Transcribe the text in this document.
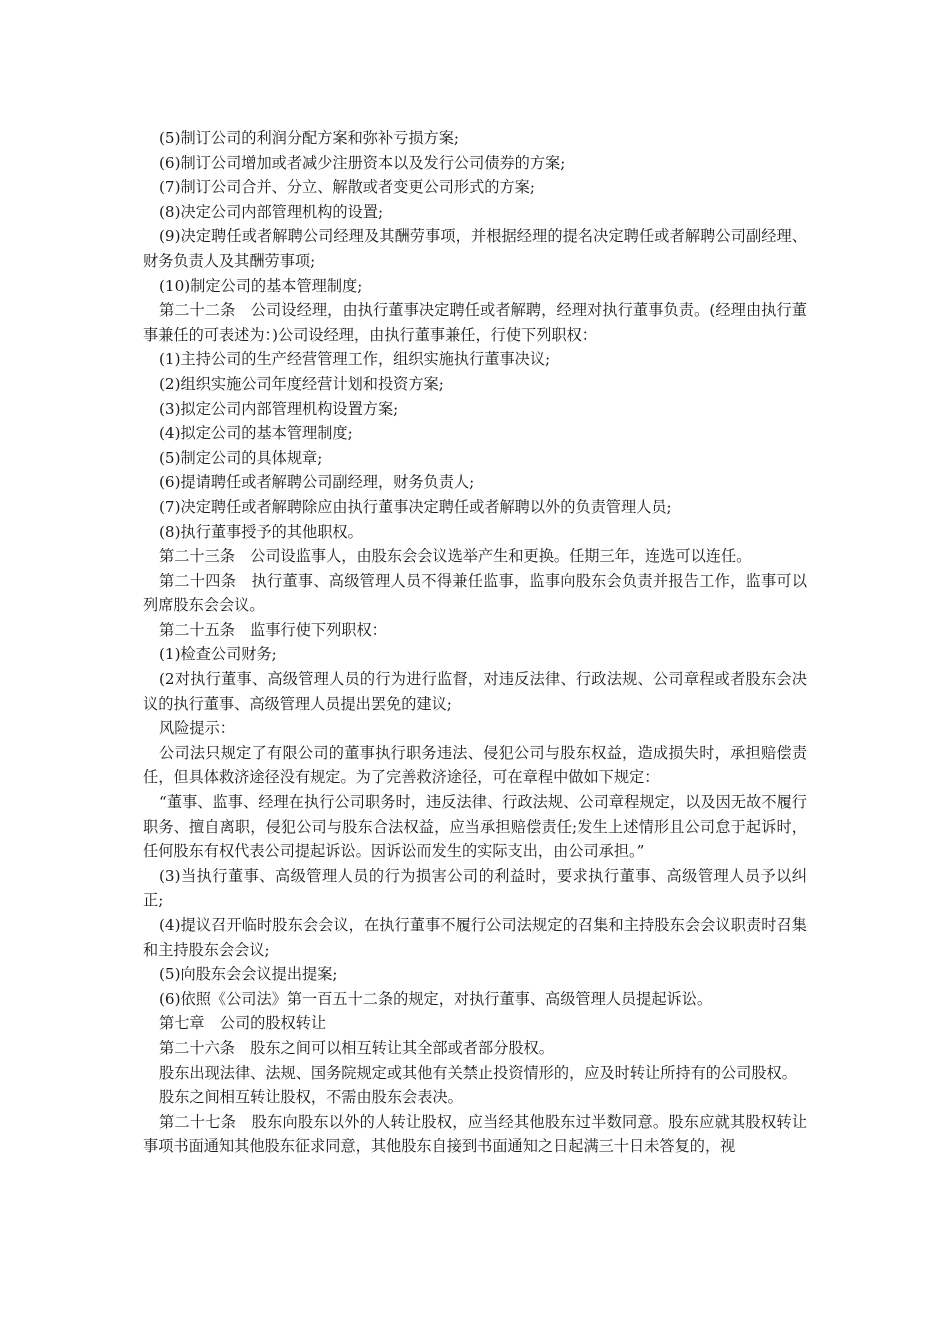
(5)制订公司的利润分配方案和弥补亏损方案;

(6)制订公司增加或者减少注册资本以及发行公司债券的方案;

(7)制订公司合并、分立、解散或者变更公司形式的方案;

(8)决定公司内部管理机构的设置;

(9)决定聘任或者解聘公司经理及其酬劳事项，并根据经理的提名决定聘任或者解聘公司副经理、财务负责人及其酬劳事项;

(10)制定公司的基本管理制度;

第二十二条　公司设经理，由执行董事决定聘任或者解聘，经理对执行董事负责。(经理由执行董事兼任的可表述为：)公司设经理，由执行董事兼任，行使下列职权：

(1)主持公司的生产经营管理工作，组织实施执行董事决议;

(2)组织实施公司年度经营计划和投资方案;

(3)拟定公司内部管理机构设置方案;

(4)拟定公司的基本管理制度;

(5)制定公司的具体规章;

(6)提请聘任或者解聘公司副经理，财务负责人;

(7)决定聘任或者解聘除应由执行董事决定聘任或者解聘以外的负责管理人员;

(8)执行董事授予的其他职权。

第二十三条　公司设监事人，由股东会会议选举产生和更换。任期三年，连选可以连任。

第二十四条　执行董事、高级管理人员不得兼任监事，监事向股东会负责并报告工作，监事可以列席股东会会议。

第二十五条　监事行使下列职权：

(1)检查公司财务;

(2对执行董事、高级管理人员的行为进行监督，对违反法律、行政法规、公司章程或者股东会决议的执行董事、高级管理人员提出罢免的建议;

风险提示：

公司法只规定了有限公司的董事执行职务违法、侵犯公司与股东权益，造成损失时，承担赔偿责任，但具体救济途径没有规定。为了完善救济途径，可在章程中做如下规定：

“董事、监事、经理在执行公司职务时，违反法律、行政法规、公司章程规定，以及因无故不履行职务、擅自离职，侵犯公司与股东合法权益，应当承担赔偿责任;发生上述情形且公司怠于起诉时，任何股东有权代表公司提起诉讼。因诉讼而发生的实际支出，由公司承担。”

(3)当执行董事、高级管理人员的行为损害公司的利益时，要求执行董事、高级管理人员予以纠正;

(4)提议召开临时股东会会议，在执行董事不履行公司法规定的召集和主持股东会会议职责时召集和主持股东会会议;

(5)向股东会会议提出提案;

(6)依照《公司法》第一百五十二条的规定，对执行董事、高级管理人员提起诉讼。

第七章　公司的股权转让

第二十六条　股东之间可以相互转让其全部或者部分股权。

股东出现法律、法规、国务院规定或其他有关禁止投资情形的，应及时转让所持有的公司股权。

股东之间相互转让股权，不需由股东会表决。

第二十七条　股东向股东以外的人转让股权，应当经其他股东过半数同意。股东应就其股权转让事项书面通知其他股东征求同意，其他股东自接到书面通知之日起满三十日未答复的，视
